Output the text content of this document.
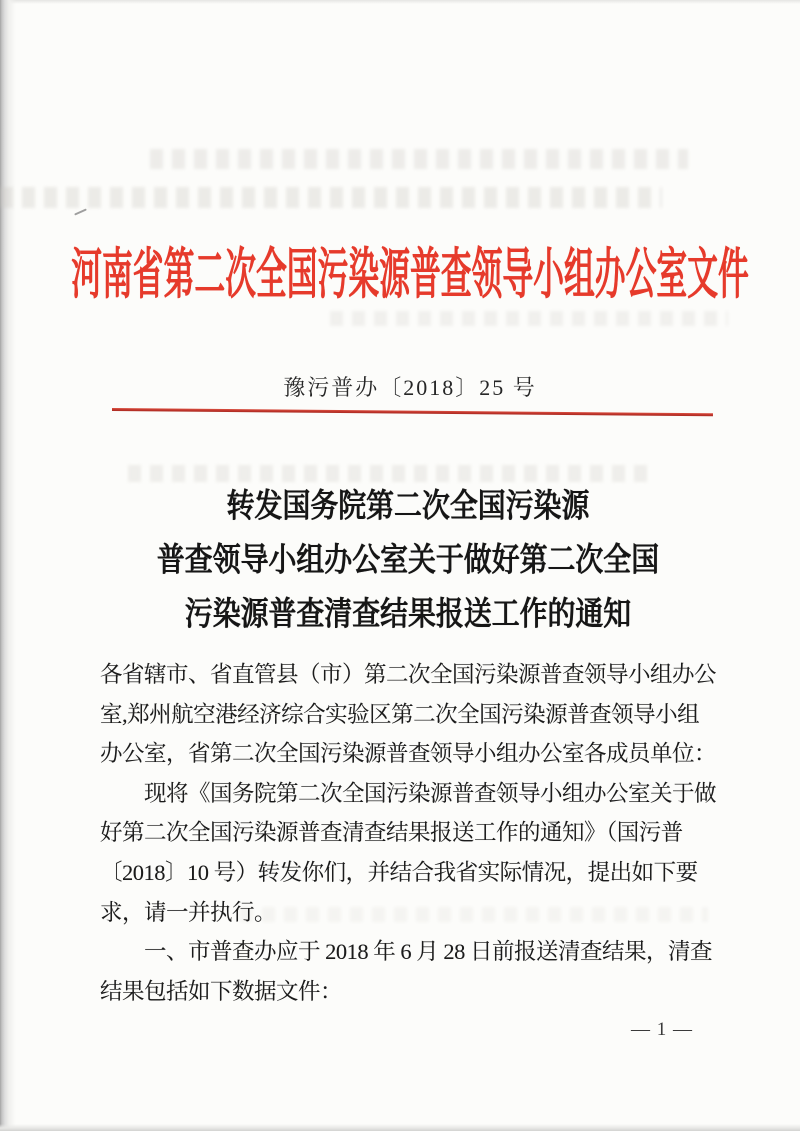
河南省第二次全国污染源普查领导小组办公室文件
豫污普办〔2018〕25 号
转发国务院第二次全国污染源
普查领导小组办公室关于做好第二次全国
污染源普查清查结果报送工作的通知
各省辖市、省直管县（市）第二次全国污染源普查领导小组办公
室,郑州航空港经济综合实验区第二次全国污染源普查领导小组
办公室，省第二次全国污染源普查领导小组办公室各成员单位：
　　现将《国务院第二次全国污染源普查领导小组办公室关于做
好第二次全国污染源普查清查结果报送工作的通知》（国污普
〔2018〕10 号）转发你们，并结合我省实际情况，提出如下要
求，请一并执行。
　　一、市普查办应于 2018 年 6 月 28 日前报送清查结果，清查
结果包括如下数据文件：
— 1 —
